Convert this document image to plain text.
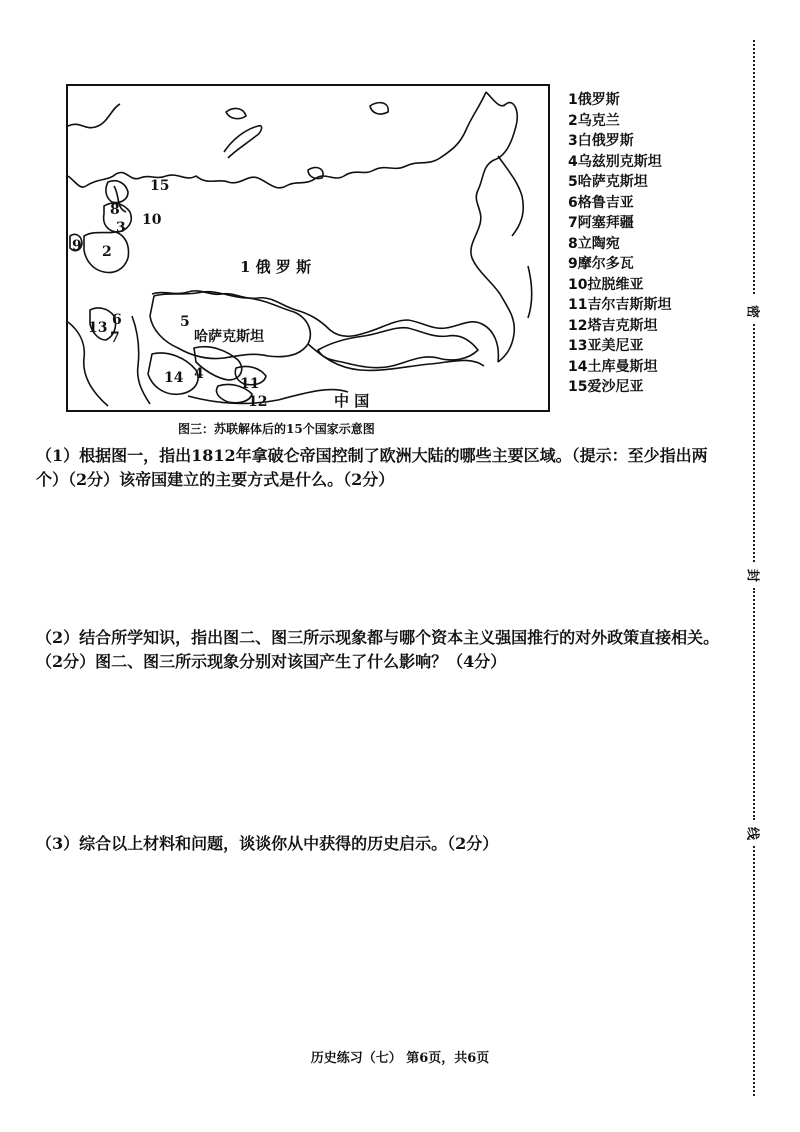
1 俄 罗 斯
5
哈萨克斯坦
中 国
15
8
10
3
9 2
6
13
7
14 4
11
12
1俄罗斯
2乌克兰
3白俄罗斯
4乌兹别克斯坦
5哈萨克斯坦
6格鲁吉亚
7阿塞拜疆
8立陶宛
9摩尔多瓦
10拉脱维亚
11吉尔吉斯斯坦
12塔吉克斯坦
13亚美尼亚
14土库曼斯坦
15爱沙尼亚
图三：苏联解体后的15个国家示意图
（1）根据图一，指出1812年拿破仑帝国控制了欧洲大陆的哪些主要区域。（提示：至少指出两个）（2分）该帝国建立的主要方式是什么。（2分）
（2）结合所学知识，指出图二、图三所示现象都与哪个资本主义强国推行的对外政策直接相关。（2分）图二、图三所示现象分别对该国产生了什么影响？（4分）
（3）综合以上材料和问题，谈谈你从中获得的历史启示。（2分）
历史练习（七） 第6页，共6页
密
封
线
